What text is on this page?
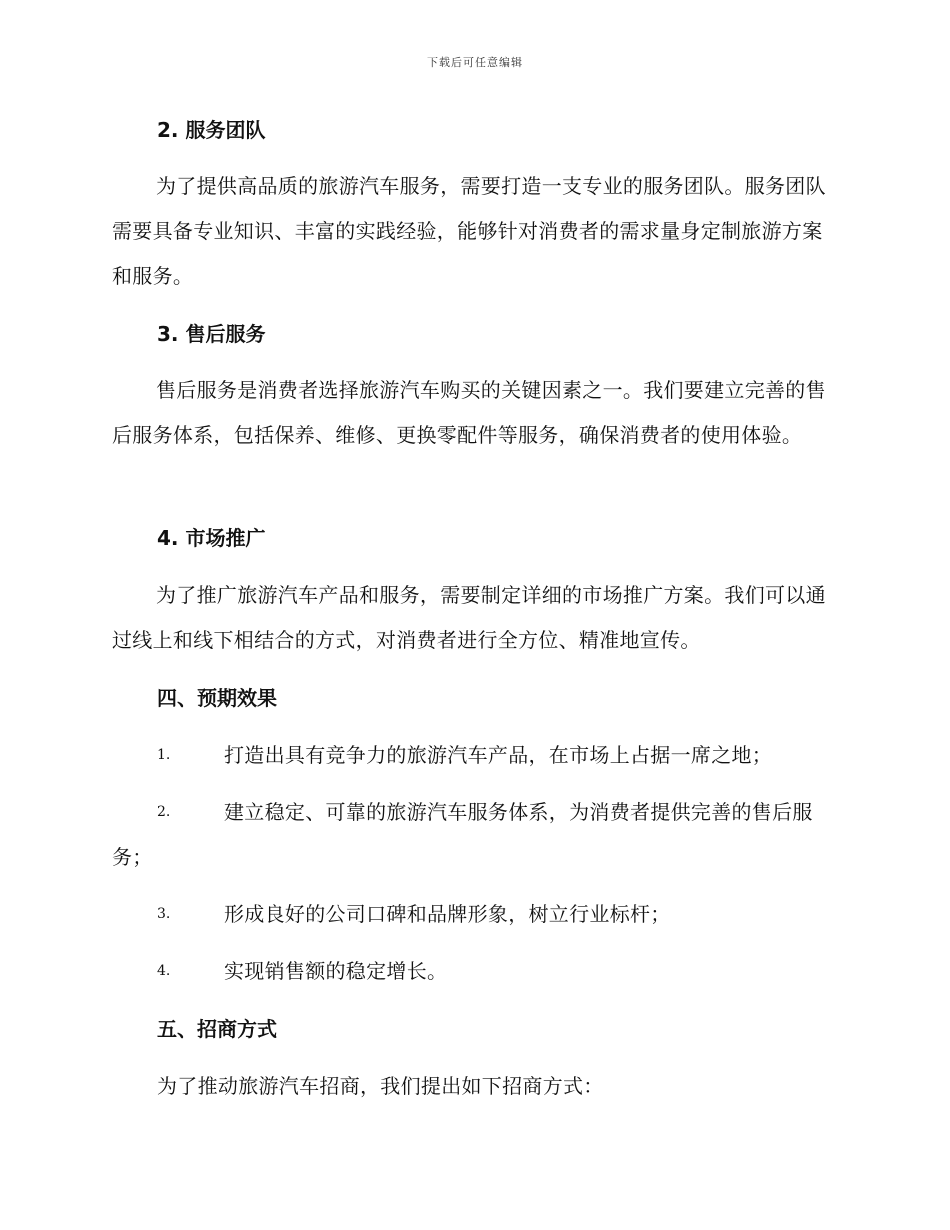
下载后可任意编辑
2. 服务团队
为了提供高品质的旅游汽车服务，需要打造一支专业的服务团队。服务团队需要具备专业知识、丰富的实践经验，能够针对消费者的需求量身定制旅游方案和服务。
3. 售后服务
售后服务是消费者选择旅游汽车购买的关键因素之一。我们要建立完善的售后服务体系，包括保养、维修、更换零配件等服务，确保消费者的使用体验。
4. 市场推广
为了推广旅游汽车产品和服务，需要制定详细的市场推广方案。我们可以通过线上和线下相结合的方式，对消费者进行全方位、精准地宣传。
四、预期效果
1.	打造出具有竞争力的旅游汽车产品，在市场上占据一席之地；
2.	建立稳定、可靠的旅游汽车服务体系，为消费者提供完善的售后服务；
3.	形成良好的公司口碑和品牌形象，树立行业标杆；
4.	实现销售额的稳定增长。
五、招商方式
为了推动旅游汽车招商，我们提出如下招商方式：
